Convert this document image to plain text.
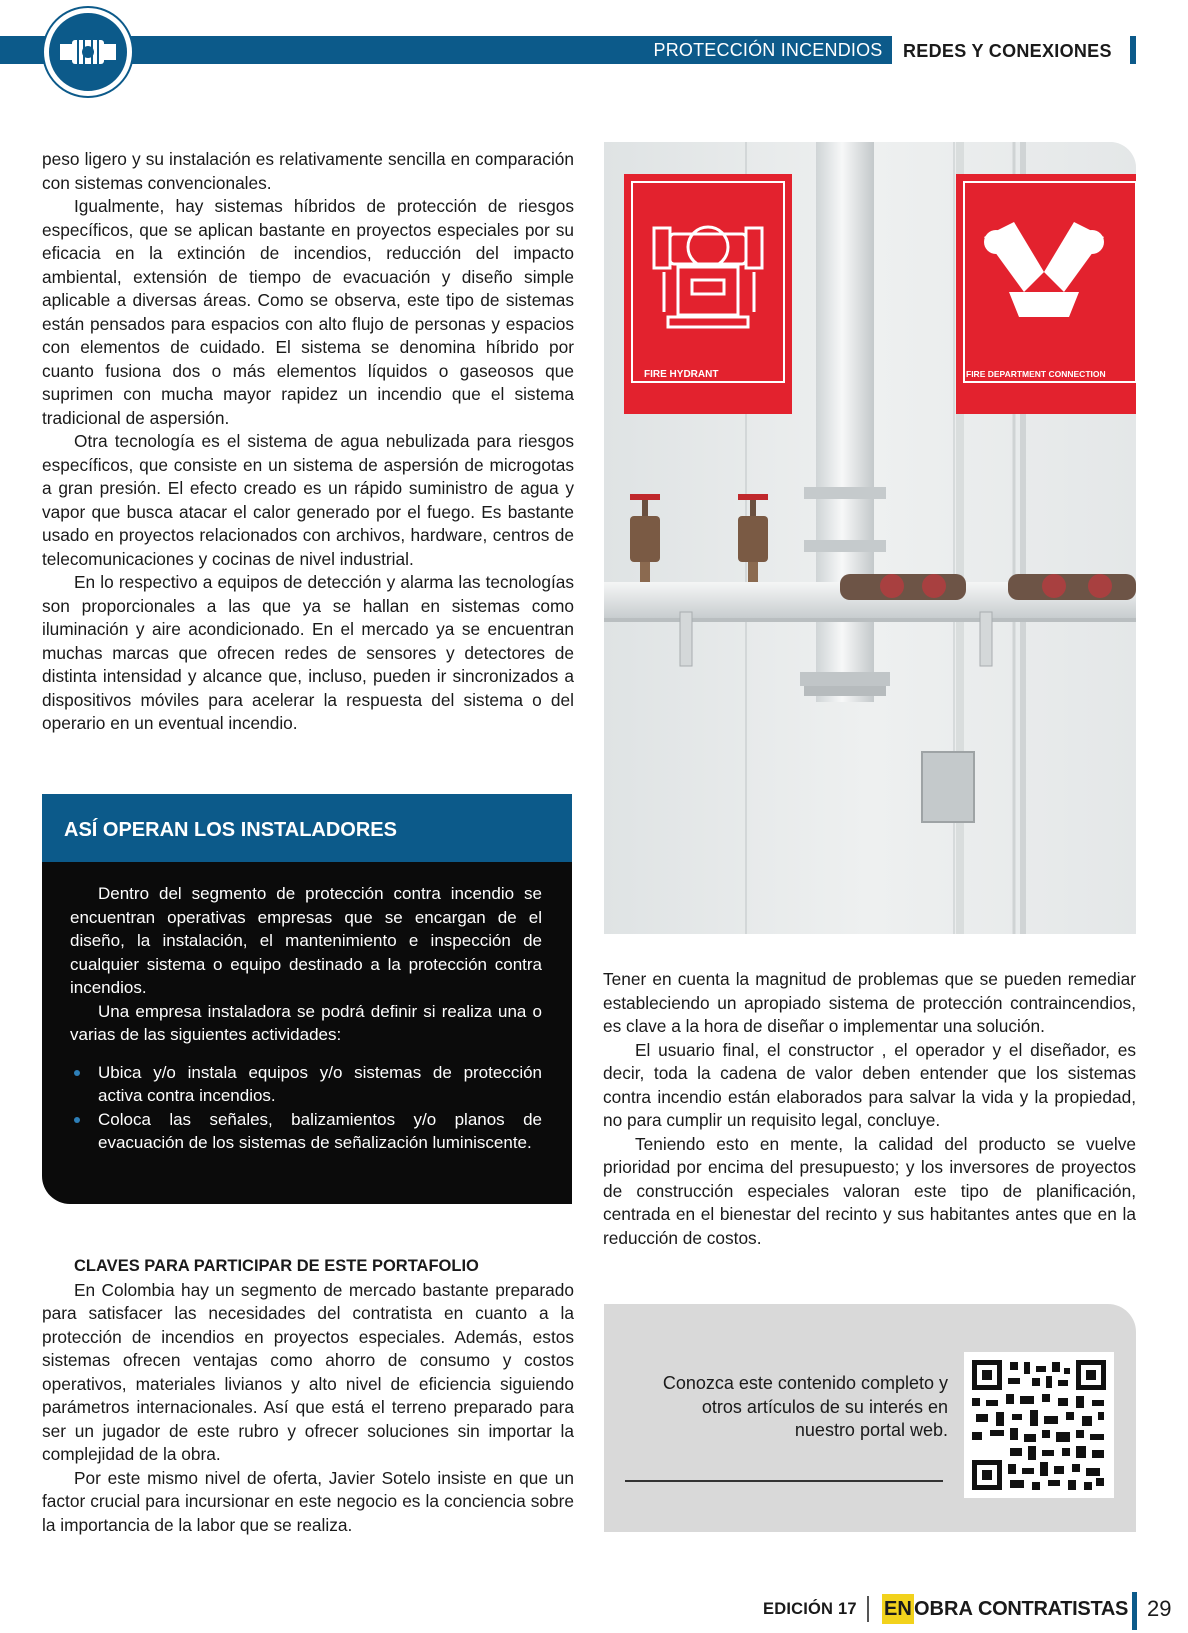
PROTECCIÓN INCENDIOS	REDES Y CONEXIONES

peso ligero y su instalación es relativamente sencilla en comparación con sistemas convencionales.

Igualmente, hay sistemas híbridos de protección de riesgos específicos, que se aplican bastante en proyectos especiales por su eficacia en la extinción de incendios, reducción del impacto ambiental, extensión de tiempo de evacuación y diseño simple aplicable a diversas áreas. Como se observa, este tipo de sistemas están pensados para espacios con alto flujo de personas y espacios con elementos de cuidado. El sistema se denomina híbrido por cuanto fusiona dos o más elementos líquidos o gaseosos que suprimen con mucha mayor rapidez un incendio que el sistema tradicional de aspersión.

Otra tecnología es el sistema de agua nebulizada para riesgos específicos, que consiste en un sistema de aspersión de microgotas a gran presión. El efecto creado es un rápido suministro de agua y vapor que busca atacar el calor generado por el fuego. Es bastante usado en proyectos relacionados con archivos, hardware, centros de telecomunicaciones y cocinas de nivel industrial.

En lo respectivo a equipos de detección y alarma las tecnologías son proporcionales a las que ya se hallan en sistemas como iluminación y aire acondicionado. En el mercado ya se encuentran muchas marcas que ofrecen redes de sensores y detectores de distinta intensidad y alcance que, incluso, pueden ir sincronizados a dispositivos móviles para acelerar la respuesta del sistema o del operario en un eventual incendio.

ASÍ OPERAN LOS INSTALADORES

Dentro del segmento de protección contra incendio se encuentran operativas empresas que se encargan de el diseño, la instalación, el mantenimiento e inspección de cualquier sistema o equipo destinado a la protección contra incendios.

Una empresa instaladora se podrá definir si realiza una o varias de las siguientes actividades:

Ubica y/o instala equipos y/o sistemas de protección activa contra incendios.
Coloca las señales, balizamientos y/o planos de evacuación de los sistemas de señalización luminiscente.

CLAVES PARA PARTICIPAR DE ESTE PORTAFOLIO

En Colombia hay un segmento de mercado bastante preparado para satisfacer las necesidades del contratista en cuanto a la protección de incendios en proyectos especiales. Además, estos sistemas ofrecen ventajas como ahorro de consumo y costos operativos, materiales livianos y alto nivel de eficiencia siguiendo parámetros internacionales. Así que está el terreno preparado para ser un jugador de este rubro y ofrecer soluciones sin importar la complejidad de la obra.

Por este mismo nivel de oferta, Javier Sotelo insiste en que un factor crucial para incursionar en este negocio es la conciencia sobre la importancia de la labor que se realiza.

FIRE HYDRANT	FIRE DEPARTMENT CONNECTION

Tener en cuenta la magnitud de problemas que se pueden remediar estableciendo un apropiado sistema de protección contraincendios, es clave a la hora de diseñar o implementar una solución.

El usuario final, el constructor , el operador y el diseñador, es decir, toda la cadena de valor deben entender que los sistemas contra incendio están elaborados para salvar la vida y la propiedad, no para cumplir un requisito legal, concluye.

Teniendo esto en mente, la calidad del producto se vuelve prioridad por encima del presupuesto; y los inversores de proyectos de construcción especiales valoran este tipo de planificación, centrada en el bienestar del recinto y sus habitantes antes que en la reducción de costos.

Conozca este contenido completo y otros artículos de su interés en nuestro portal web.
EDICIÓN 17 EN OBRA CONTRATISTAS 29
